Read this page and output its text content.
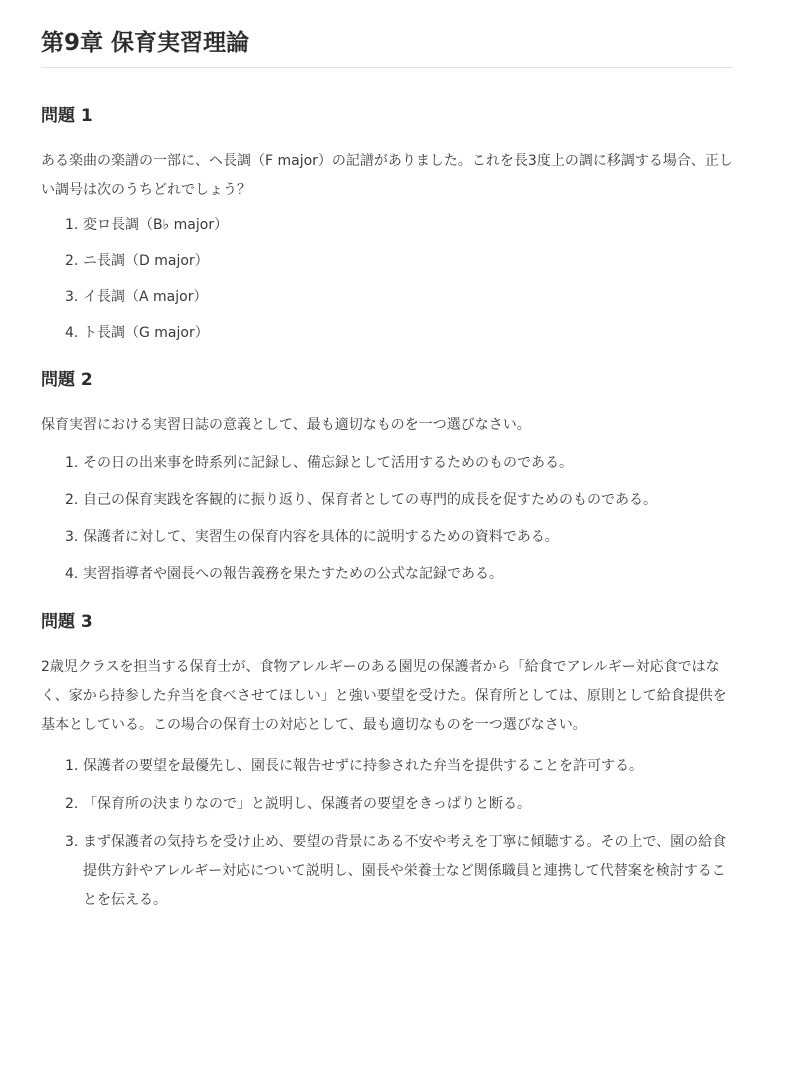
第9章 保育実習理論
問題 1

ある楽曲の楽譜の一部に、ヘ長調（F major）の記譜がありました。これを長3度上の調に移調する場合、正しい調号は次のうちどれでしょう？

1. 変ロ長調（B♭ major）
2. ニ長調（D major）
3. イ長調（A major）
4. ト長調（G major）
問題 2

保育実習における実習日誌の意義として、最も適切なものを一つ選びなさい。

1. その日の出来事を時系列に記録し、備忘録として活用するためのものである。
2. 自己の保育実践を客観的に振り返り、保育者としての専門的成長を促すためのものである。
3. 保護者に対して、実習生の保育内容を具体的に説明するための資料である。
4. 実習指導者や園長への報告義務を果たすための公式な記録である。
問題 3

2歳児クラスを担当する保育士が、食物アレルギーのある園児の保護者から「給食でアレルギー対応食ではなく、家から持参した弁当を食べさせてほしい」と強い要望を受けた。保育所としては、原則として給食提供を基本としている。この場合の保育士の対応として、最も適切なものを一つ選びなさい。

1. 保護者の要望を最優先し、園長に報告せずに持参された弁当を提供することを許可する。
2. 「保育所の決まりなので」と説明し、保護者の要望をきっぱりと断る。
3. まず保護者の気持ちを受け止め、要望の背景にある不安や考えを丁寧に傾聴する。その上で、園の給食提供方針やアレルギー対応について説明し、園長や栄養士など関係職員と連携して代替案を検討することを伝える。
